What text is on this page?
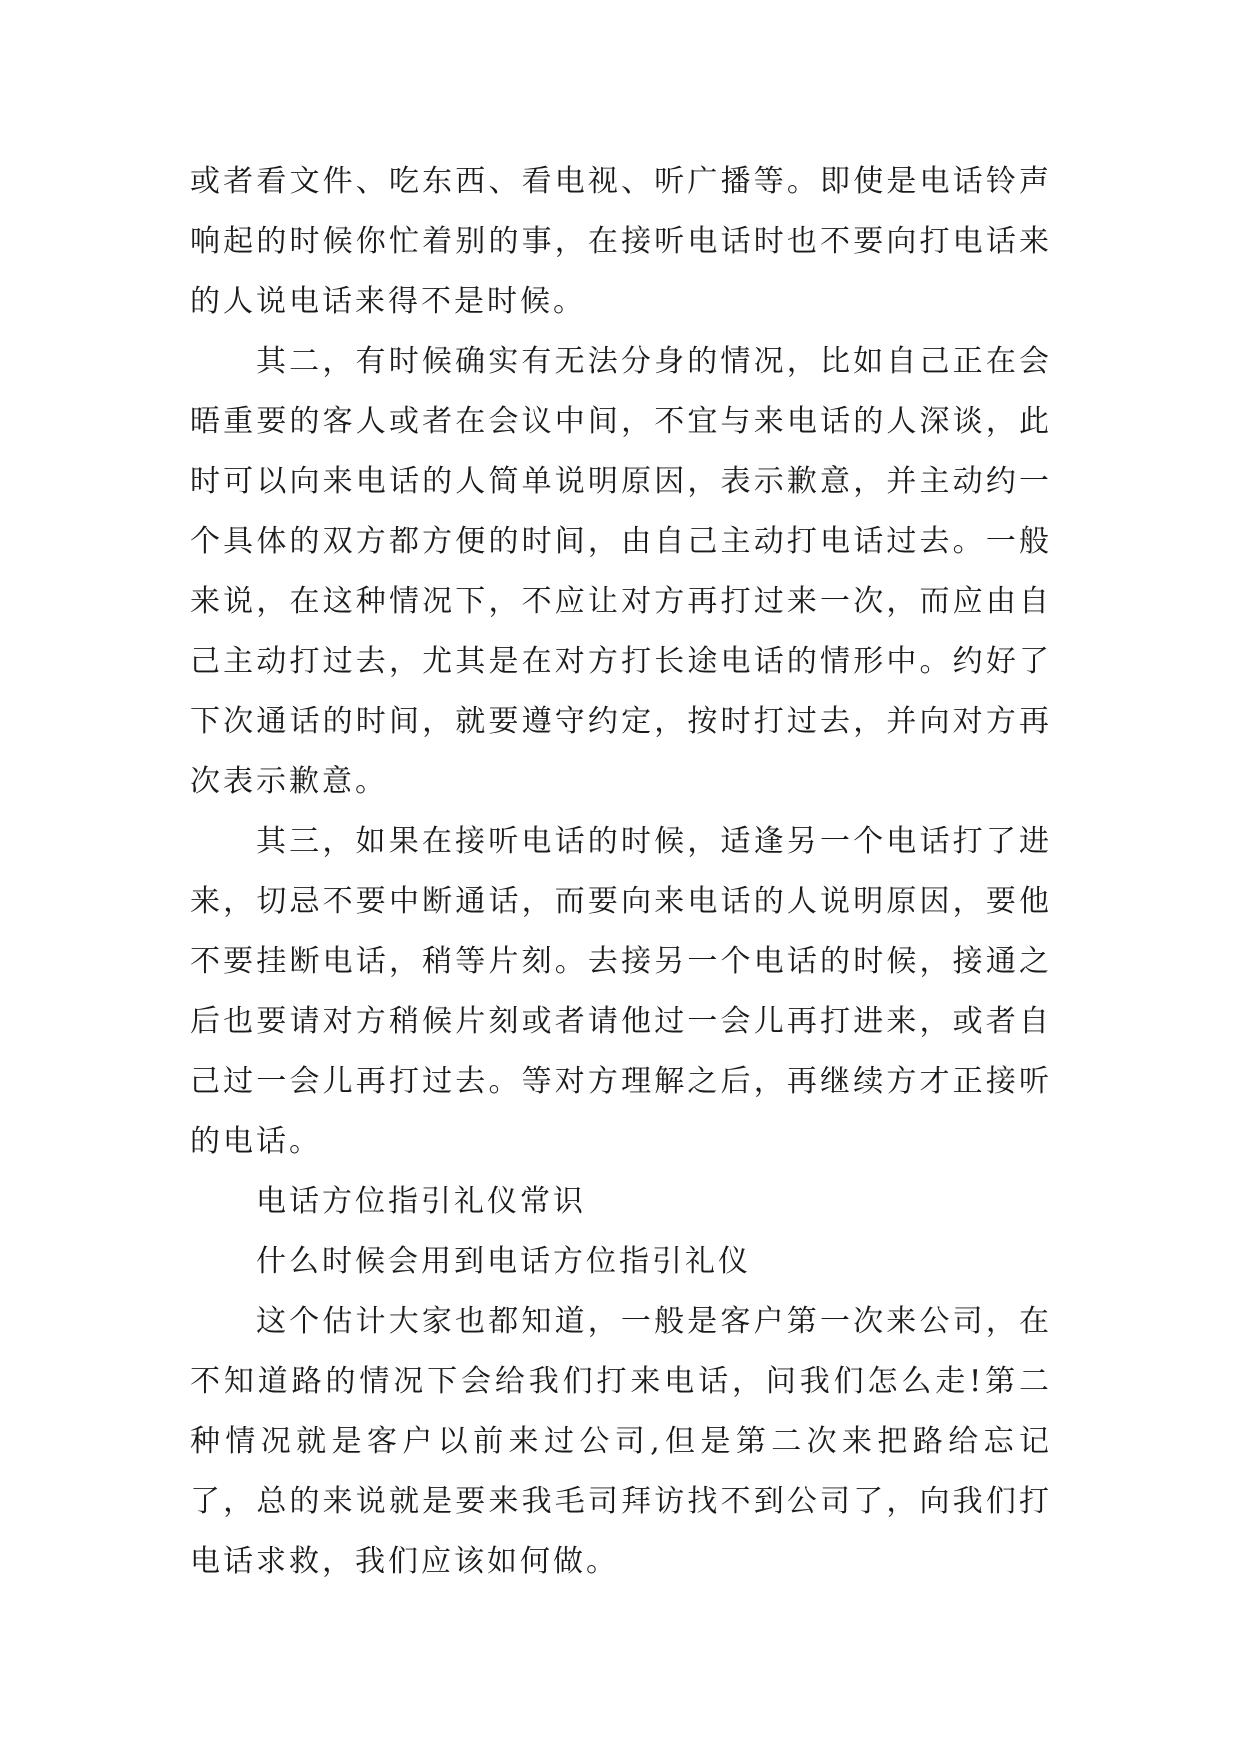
或者看文件、吃东西、看电视、听广播等。即使是电话铃声响起的时候你忙着别的事，在接听电话时也不要向打电话来的人说电话来得不是时候。

其二，有时候确实有无法分身的情况，比如自己正在会晤重要的客人或者在会议中间，不宜与来电话的人深谈，此时可以向来电话的人简单说明原因，表示歉意，并主动约一个具体的双方都方便的时间，由自己主动打电话过去。一般来说，在这种情况下，不应让对方再打过来一次，而应由自己主动打过去，尤其是在对方打长途电话的情形中。约好了下次通话的时间，就要遵守约定，按时打过去，并向对方再次表示歉意。

其三，如果在接听电话的时候，适逢另一个电话打了进来，切忌不要中断通话，而要向来电话的人说明原因，要他不要挂断电话，稍等片刻。去接另一个电话的时候，接通之后也要请对方稍候片刻或者请他过一会儿再打进来，或者自己过一会儿再打过去。等对方理解之后，再继续方才正接听的电话。

电话方位指引礼仪常识

什么时候会用到电话方位指引礼仪

这个估计大家也都知道，一般是客户第一次来公司，在不知道路的情况下会给我们打来电话，问我们怎么走!第二种情况就是客户以前来过公司,但是第二次来把路给忘记了，总的来说就是要来我毛司拜访找不到公司了，向我们打电话求救，我们应该如何做。
